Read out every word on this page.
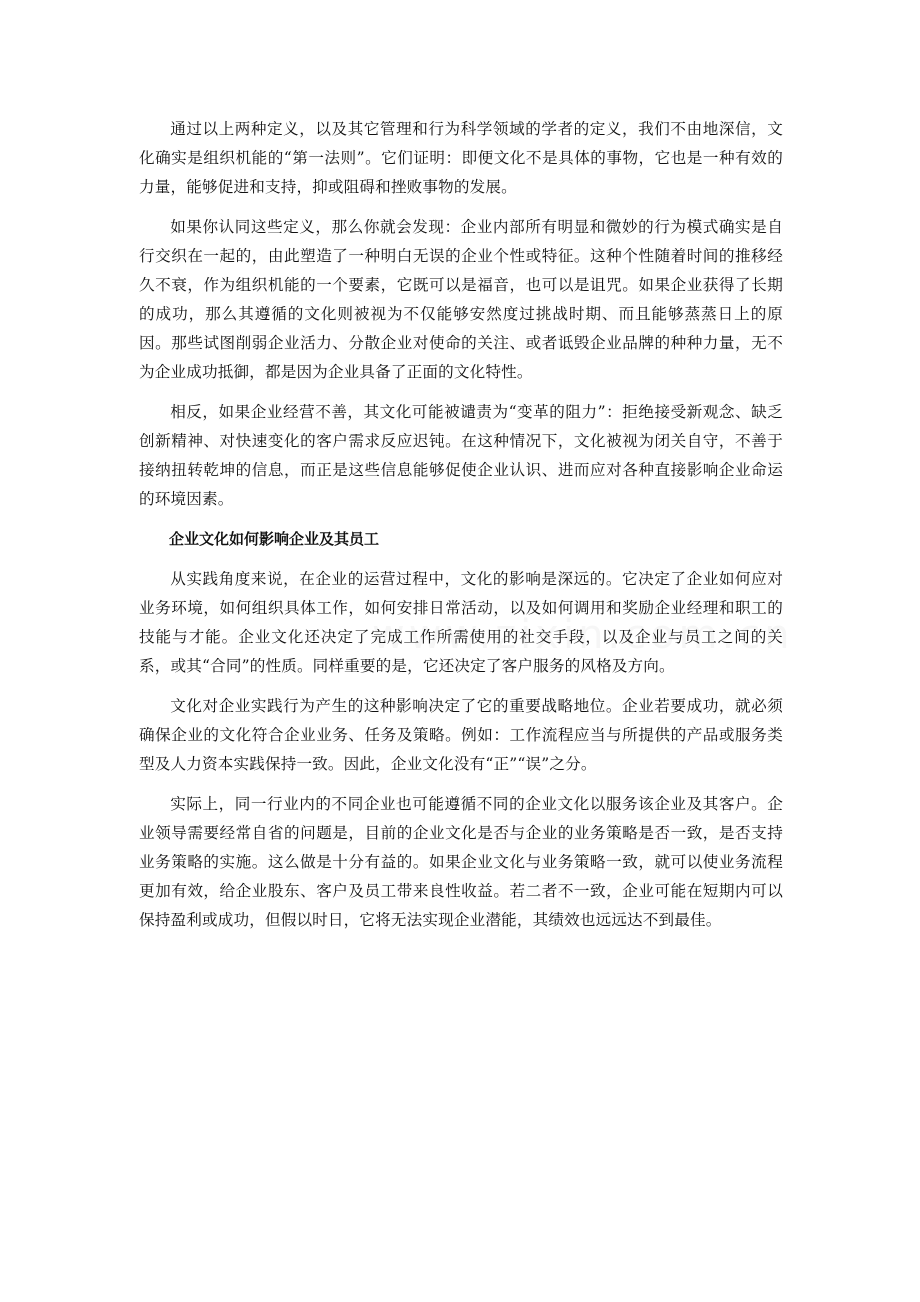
通过以上两种定义，以及其它管理和行为科学领域的学者的定义，我们不由地深信，文化确实是组织机能的“第一法则”。它们证明：即便文化不是具体的事物，它也是一种有效的力量，能够促进和支持，抑或阻碍和挫败事物的发展。

如果你认同这些定义，那么你就会发现：企业内部所有明显和微妙的行为模式确实是自行交织在一起的，由此塑造了一种明白无误的企业个性或特征。这种个性随着时间的推移经久不衰，作为组织机能的一个要素，它既可以是福音，也可以是诅咒。如果企业获得了长期的成功，那么其遵循的文化则被视为不仅能够安然度过挑战时期、而且能够蒸蒸日上的原因。那些试图削弱企业活力、分散企业对使命的关注、或者诋毁企业品牌的种种力量，无不为企业成功抵御，都是因为企业具备了正面的文化特性。

相反，如果企业经营不善，其文化可能被谴责为“变革的阻力”：拒绝接受新观念、缺乏创新精神、对快速变化的客户需求反应迟钝。在这种情况下，文化被视为闭关自守，不善于接纳扭转乾坤的信息，而正是这些信息能够促使企业认识、进而应对各种直接影响企业命运的环境因素。

企业文化如何影响企业及其员工

从实践角度来说，在企业的运营过程中，文化的影响是深远的。它决定了企业如何应对业务环境，如何组织具体工作，如何安排日常活动，以及如何调用和奖励企业经理和职工的技能与才能。企业文化还决定了完成工作所需使用的社交手段，以及企业与员工之间的关系，或其“合同”的性质。同样重要的是，它还决定了客户服务的风格及方向。

文化对企业实践行为产生的这种影响决定了它的重要战略地位。企业若要成功，就必须确保企业的文化符合企业业务、任务及策略。例如：工作流程应当与所提供的产品或服务类型及人力资本实践保持一致。因此，企业文化没有“正”“误”之分。

实际上，同一行业内的不同企业也可能遵循不同的企业文化以服务该企业及其客户。企业领导需要经常自省的问题是，目前的企业文化是否与企业的业务策略是否一致，是否支持业务策略的实施。这么做是十分有益的。如果企业文化与业务策略一致，就可以使业务流程更加有效，给企业股东、客户及员工带来良性收益。若二者不一致，企业可能在短期内可以保持盈利或成功，但假以时日，它将无法实现企业潜能，其绩效也远远达不到最佳。
